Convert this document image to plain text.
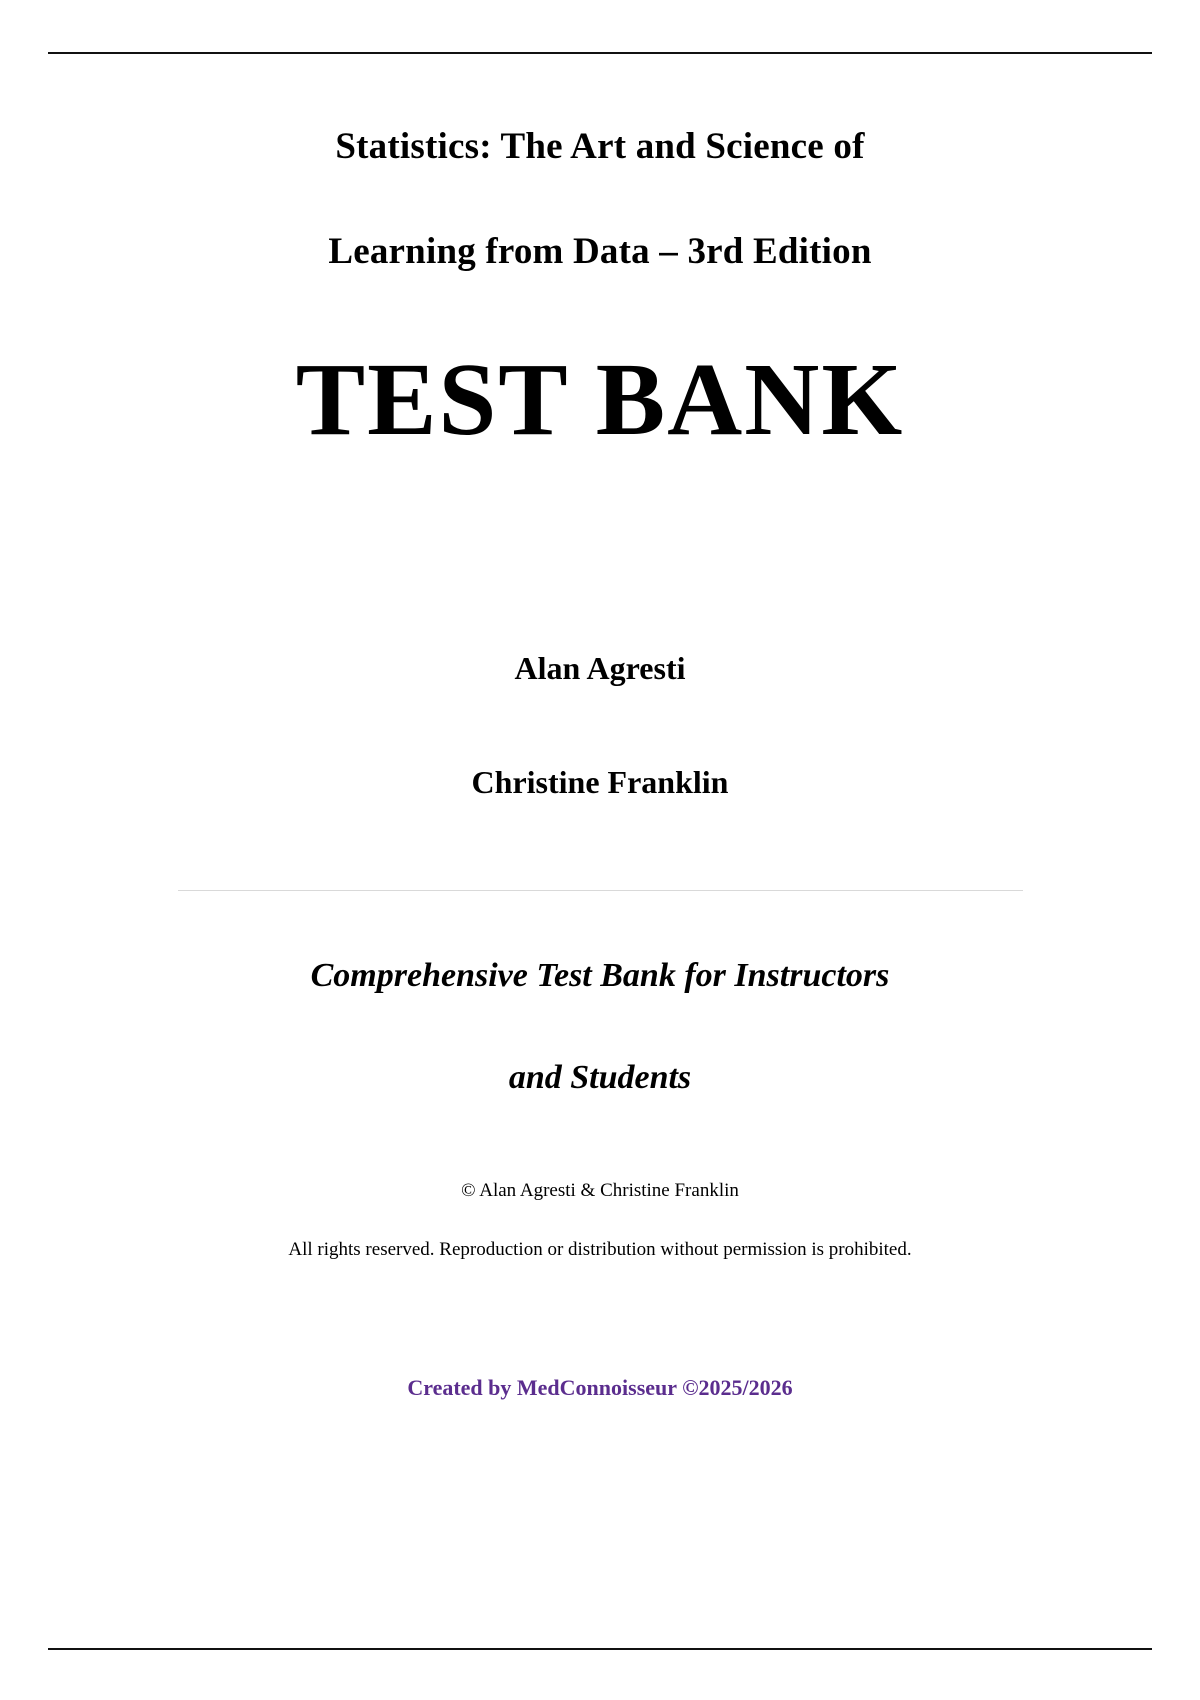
Statistics: The Art and Science of
Learning from Data – 3rd Edition
TEST BANK
Alan Agresti
Christine Franklin
Comprehensive Test Bank for Instructors
and Students
© Alan Agresti & Christine Franklin
All rights reserved. Reproduction or distribution without permission is prohibited.
Created by MedConnoisseur ©2025/2026
